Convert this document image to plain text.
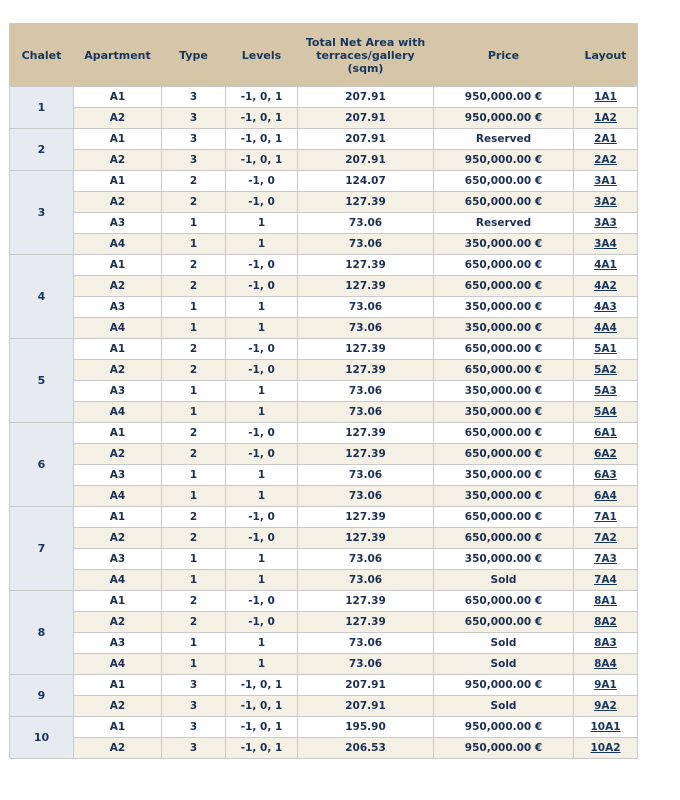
Chalet	Apartment	Type	Levels	Total Net Area with terraces/gallery (sqm)	Price	Layout
1	A1	3	-1, 0, 1	207.91	950,000.00 €	1A1
	A2	3	-1, 0, 1	207.91	950,000.00 €	1A2
2	A1	3	-1, 0, 1	207.91	Reserved	2A1
	A2	3	-1, 0, 1	207.91	950,000.00 €	2A2
3	A1	2	-1, 0	124.07	650,000.00 €	3A1
	A2	2	-1, 0	127.39	650,000.00 €	3A2
	A3	1	1	73.06	Reserved	3A3
	A4	1	1	73.06	350,000.00 €	3A4
4	A1	2	-1, 0	127.39	650,000.00 €	4A1
	A2	2	-1, 0	127.39	650,000.00 €	4A2
	A3	1	1	73.06	350,000.00 €	4A3
	A4	1	1	73.06	350,000.00 €	4A4
5	A1	2	-1, 0	127.39	650,000.00 €	5A1
	A2	2	-1, 0	127.39	650,000.00 €	5A2
	A3	1	1	73.06	350,000.00 €	5A3
	A4	1	1	73.06	350,000.00 €	5A4
6	A1	2	-1, 0	127.39	650,000.00 €	6A1
	A2	2	-1, 0	127.39	650,000.00 €	6A2
	A3	1	1	73.06	350,000.00 €	6A3
	A4	1	1	73.06	350,000.00 €	6A4
7	A1	2	-1, 0	127.39	650,000.00 €	7A1
	A2	2	-1, 0	127.39	650,000.00 €	7A2
	A3	1	1	73.06	350,000.00 €	7A3
	A4	1	1	73.06	Sold	7A4
8	A1	2	-1, 0	127.39	650,000.00 €	8A1
	A2	2	-1, 0	127.39	650,000.00 €	8A2
	A3	1	1	73.06	Sold	8A3
	A4	1	1	73.06	Sold	8A4
9	A1	3	-1, 0, 1	207.91	950,000.00 €	9A1
	A2	3	-1, 0, 1	207.91	Sold	9A2
10	A1	3	-1, 0, 1	195.90	950,000.00 €	10A1
	A2	3	-1, 0, 1	206.53	950,000.00 €	10A2
